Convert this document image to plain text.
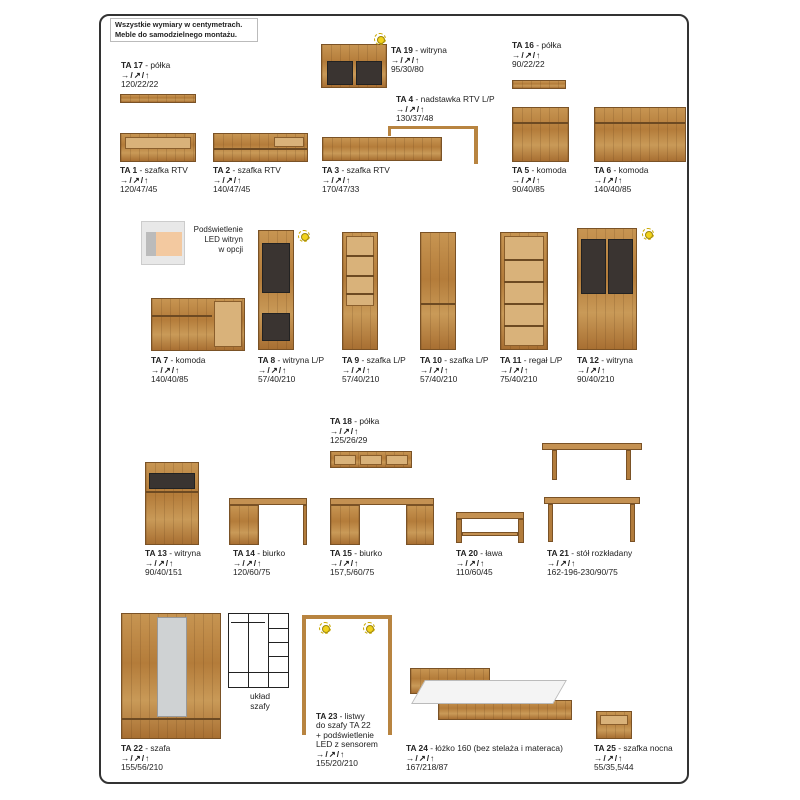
Wszystkie wymiary w centymetrach.
Meble do samodzielnego montażu.
TA 17 - półka
→/↗/↑
120/22/22
TA 19 - witryna
→/↗/↑
95/30/80
TA 16 - półka
→/↗/↑
90/22/22
TA 4 - nadstawka RTV L/P
→/↗/↑
130/37/48
TA 1 - szafka RTV
→/↗/↑
120/47/45
TA 2 - szafka RTV
→/↗/↑
140/47/45
TA 3 - szafka RTV
→/↗/↑
170/47/33
TA 5 - komoda
→/↗/↑
90/40/85
TA 6 - komoda
→/↗/↑
140/40/85
Podświetlenie
LED witryn
w opcji
TA 7 - komoda
→/↗/↑
140/40/85
TA 8 - witryna L/P
→/↗/↑
57/40/210
TA 9 - szafka L/P
→/↗/↑
57/40/210
TA 10 - szafka L/P
→/↗/↑
57/40/210
TA 11 - regał L/P
→/↗/↑
75/40/210
TA 12 - witryna
→/↗/↑
90/40/210
TA 18 - półka
→/↗/↑
125/26/29
TA 13 - witryna
→/↗/↑
90/40/151
TA 14 - biurko
→/↗/↑
120/60/75
TA 15 - biurko
→/↗/↑
157,5/60/75
TA 20 - ława
→/↗/↑
110/60/45
TA 21 - stół rozkładany
→/↗/↑
162-196-230/90/75
TA 22 - szafa
→/↗/↑
155/56/210
układ
szafy
TA 23 - listwy
do szafy TA 22
+ podświetlenie
LED z sensorem
→/↗/↑
155/20/210
TA 24 - łóżko 160 (bez stelaża i materaca)
→/↗/↑
167/218/87
TA 25 - szafka nocna
→/↗/↑
55/35,5/44
